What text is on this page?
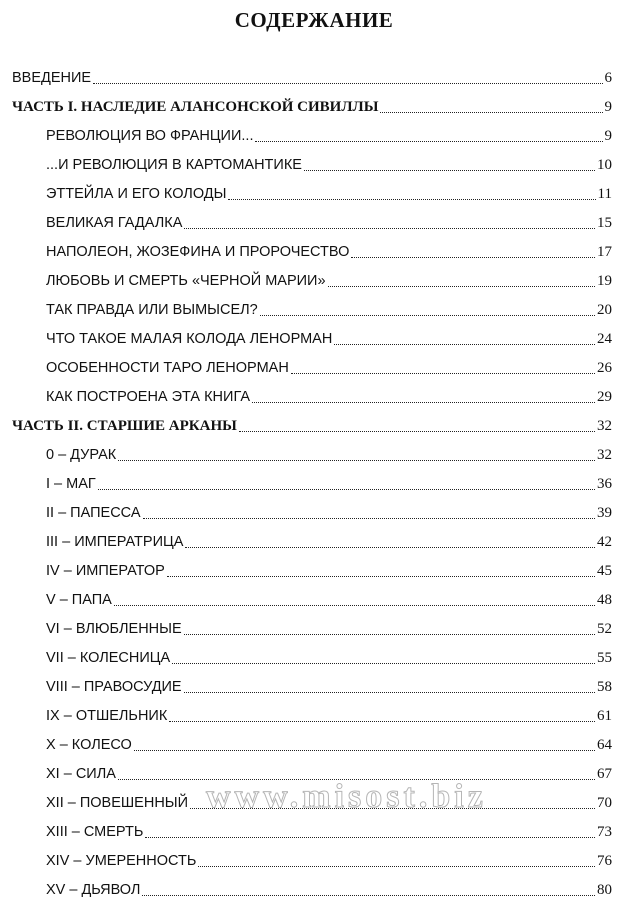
СОДЕРЖАНИЕ
ВВЕДЕНИЕ	6
ЧАСТЬ I. НАСЛЕДИЕ АЛАНСОНСКОЙ СИВИЛЛЫ	9
РЕВОЛЮЦИЯ ВО ФРАНЦИИ...	9
...И РЕВОЛЮЦИЯ В КАРТОМАНТИКЕ	10
ЭТТЕЙЛА И ЕГО КОЛОДЫ	11
ВЕЛИКАЯ ГАДАЛКА	15
НАПОЛЕОН, ЖОЗЕФИНА И ПРОРОЧЕСТВО	17
ЛЮБОВЬ И СМЕРТЬ «ЧЕРНОЙ МАРИИ»	19
ТАК ПРАВДА ИЛИ ВЫМЫСЕЛ?	20
ЧТО ТАКОЕ МАЛАЯ КОЛОДА ЛЕНОРМАН	24
ОСОБЕННОСТИ ТАРО ЛЕНОРМАН	26
КАК ПОСТРОЕНА ЭТА КНИГА	29
ЧАСТЬ II. СТАРШИЕ АРКАНЫ	32
0 – ДУРАК	32
I – МАГ	36
II – ПАПЕССА	39
III – ИМПЕРАТРИЦА	42
IV – ИМПЕРАТОР	45
V – ПАПА	48
VI – ВЛЮБЛЕННЫЕ	52
VII – КОЛЕСНИЦА	55
VIII – ПРАВОСУДИЕ	58
IX – ОТШЕЛЬНИК	61
X – КОЛЕСО	64
XI – СИЛА	67
XII – ПОВЕШЕННЫЙ	70
XIII – СМЕРТЬ	73
XIV – УМЕРЕННОСТЬ	76
XV – ДЬЯВОЛ	80
www.misost.biz
